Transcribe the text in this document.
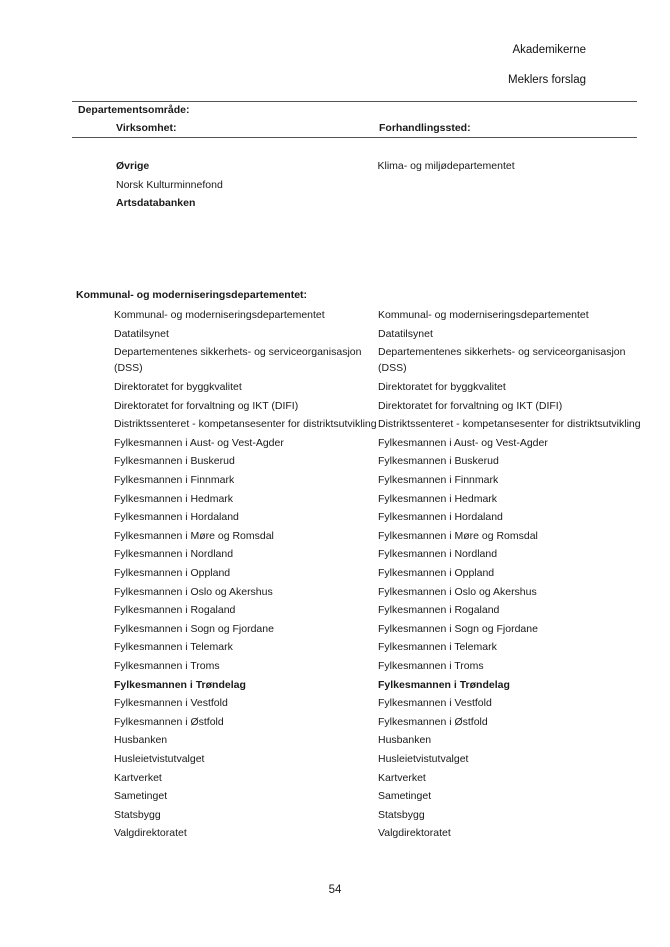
Akademikerne
Meklers forslag
Departementsområde:
Virksomhet:	Forhandlingssted:
Øvrige	Klima- og miljødepartementet
Norsk Kulturminnefond
Artsdatabanken
Kommunal- og moderniseringsdepartementet:
Kommunal- og moderniseringsdepartementet	Kommunal- og moderniseringsdepartementet
Datatilsynet	Datatilsynet
Departementenes sikkerhets- og serviceorganisasjon (DSS)
Departementenes sikkerhets- og serviceorganisasjon (DSS)
Direktoratet for byggkvalitet	Direktoratet for byggkvalitet
Direktoratet for forvaltning og IKT (DIFI)	Direktoratet for forvaltning og IKT (DIFI)
Distriktssenteret - kompetansesenter for distriktsutvikling Distriktssenteret - kompetansesenter for distriktsutvikling
Fylkesmannen i Aust- og Vest-Agder	Fylkesmannen i Aust- og Vest-Agder
Fylkesmannen i Buskerud	Fylkesmannen i Buskerud
Fylkesmannen i Finnmark	Fylkesmannen i Finnmark
Fylkesmannen i Hedmark	Fylkesmannen i Hedmark
Fylkesmannen i Hordaland	Fylkesmannen i Hordaland
Fylkesmannen i Møre og Romsdal	Fylkesmannen i Møre og Romsdal
Fylkesmannen i Nordland	Fylkesmannen i Nordland
Fylkesmannen i Oppland	Fylkesmannen i Oppland
Fylkesmannen i Oslo og Akershus	Fylkesmannen i Oslo og Akershus
Fylkesmannen i Rogaland	Fylkesmannen i Rogaland
Fylkesmannen i Sogn og Fjordane	Fylkesmannen i Sogn og Fjordane
Fylkesmannen i Telemark	Fylkesmannen i Telemark
Fylkesmannen i Troms	Fylkesmannen i Troms
Fylkesmannen i Trøndelag	Fylkesmannen i Trøndelag
Fylkesmannen i Vestfold	Fylkesmannen i Vestfold
Fylkesmannen i Østfold	Fylkesmannen i Østfold
Husbanken	Husbanken
Husleietvistutvalget	Husleietvistutvalget
Kartverket	Kartverket
Sametinget	Sametinget
Statsbygg	Statsbygg
Valgdirektoratet	Valgdirektoratet
54
